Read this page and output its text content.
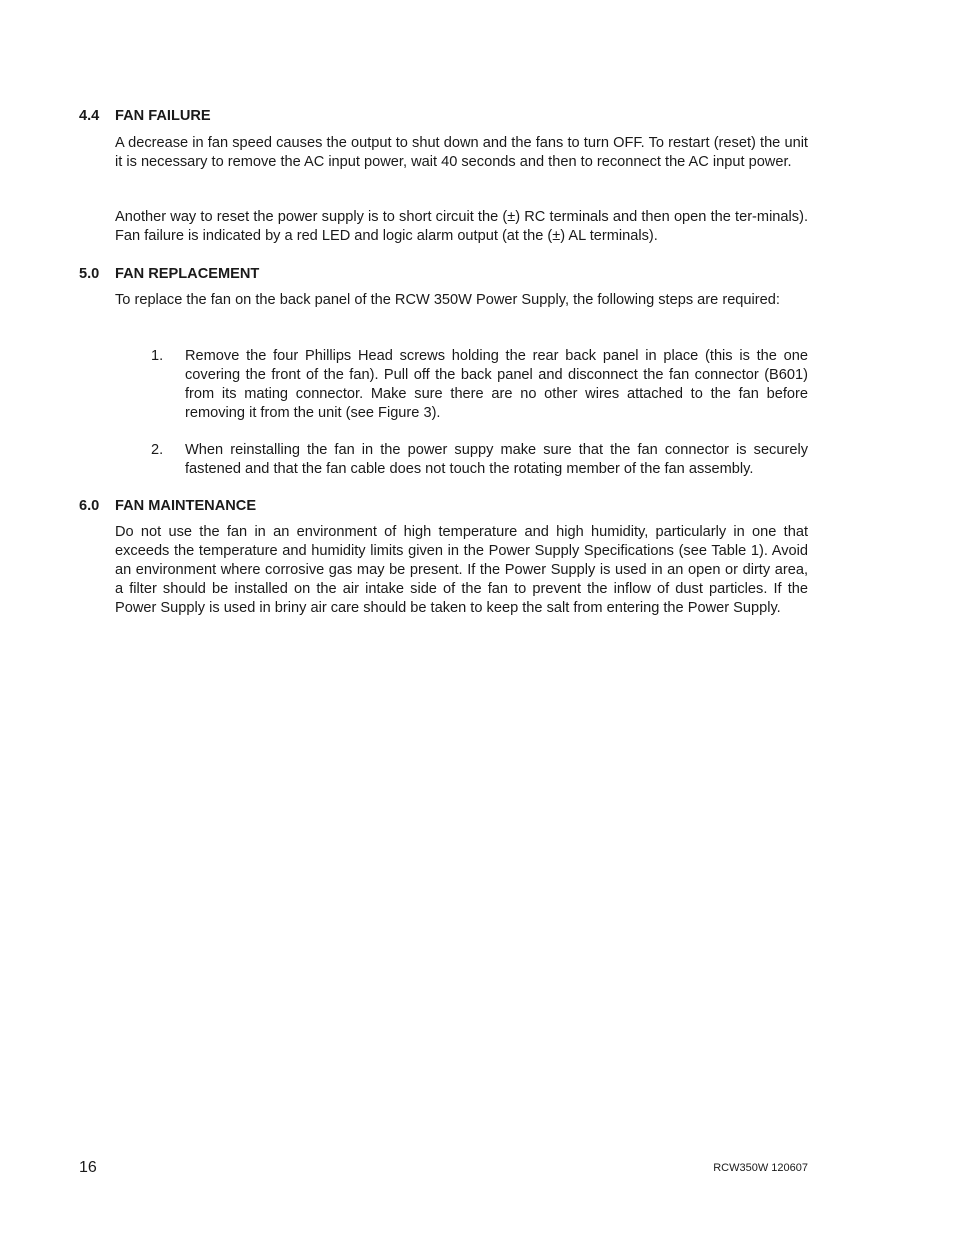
4.4 FAN FAILURE

A decrease in fan speed causes the output to shut down and the fans to turn OFF. To restart (reset) the unit it is necessary to remove the AC input power, wait 40 seconds and then to reconnect the AC input power.

Another way to reset the power supply is to short circuit the (±) RC terminals and then open the ter-minals). Fan failure is indicated by a red LED and logic alarm output (at the (±) AL terminals).

5.0 FAN REPLACEMENT

To replace the fan on the back panel of the RCW 350W Power Supply, the following steps are required:

1.	Remove the four Phillips Head screws holding the rear back panel in place (this is the one covering the front of the fan). Pull off the back panel and disconnect the fan connector (B601) from its mating connector. Make sure there are no other wires attached to the fan before removing it from the unit (see Figure 3).
2.	When reinstalling the fan in the power suppy make sure that the fan connector is securely fastened and that the fan cable does not touch the rotating member of the fan assembly.
6.0 FAN MAINTENANCE

Do not use the fan in an environment of high temperature and high humidity, particularly in one that exceeds the temperature and humidity limits given in the Power Supply Specifications (see Table 1). Avoid an environment where corrosive gas may be present. If the Power Supply is used in an open or dirty area, a filter should be installed on the air intake side of the fan to prevent the inflow of dust particles. If the Power Supply is used in briny air care should be taken to keep the salt from entering the Power Supply.

16	RCW350W 120607
